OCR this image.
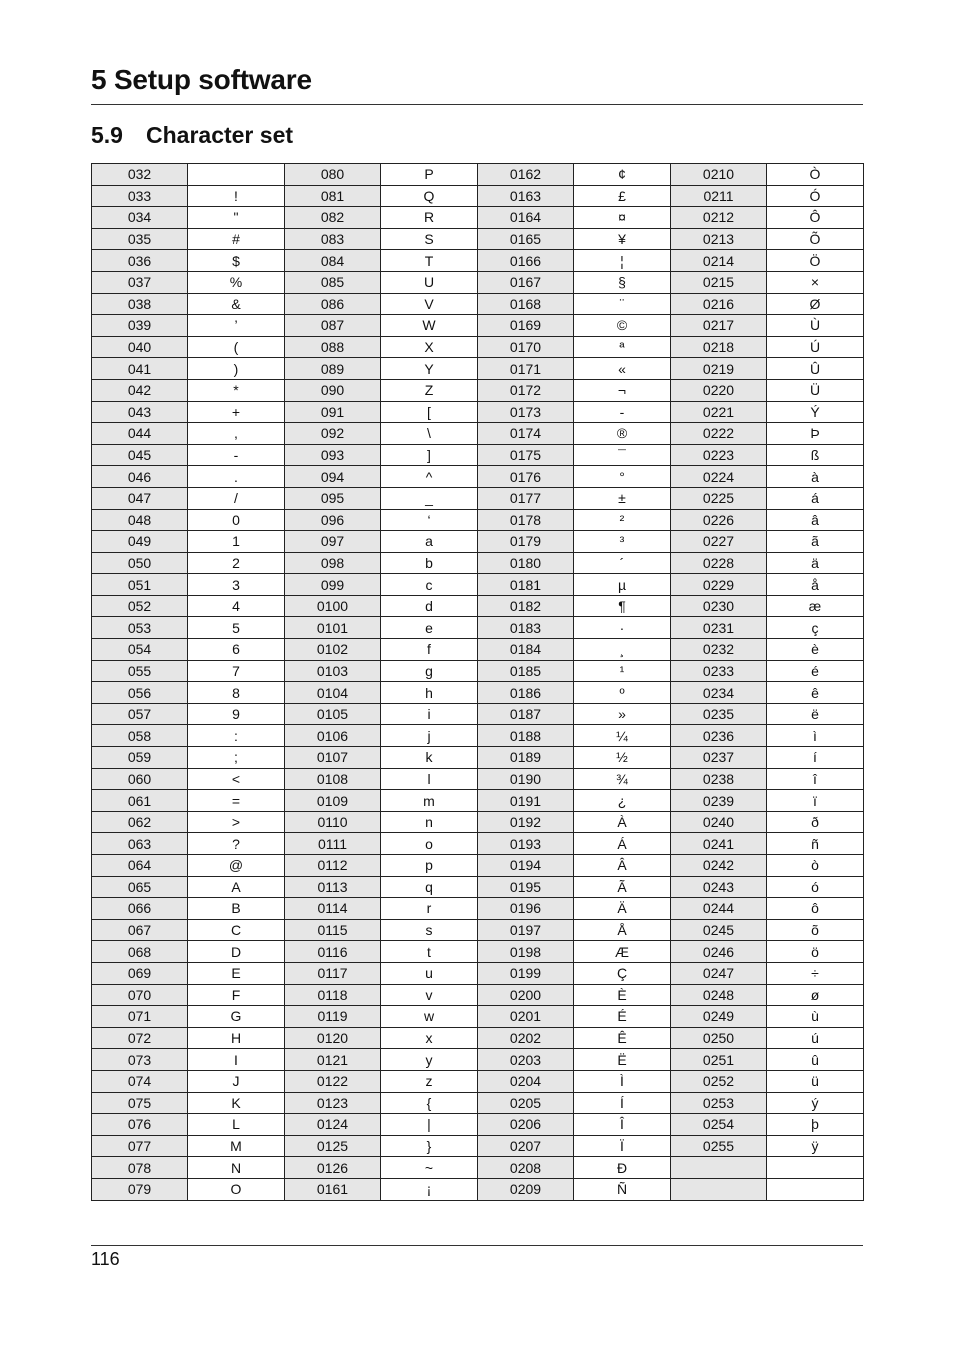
5 Setup software
5.9 Character set
032		080	P	0162	¢	0210	Ò
033	!	081	Q	0163	£	0211	Ó
034	"	082	R	0164	¤	0212	Ô
035	#	083	S	0165	¥	0213	Õ
036	$	084	T	0166	¦	0214	Ö
037	%	085	U	0167	§	0215	×
038	&	086	V	0168	¨	0216	Ø
039	’	087	W	0169	©	0217	Ù
040	(	088	X	0170	ª	0218	Ú
041	)	089	Y	0171	«	0219	Û
042	*	090	Z	0172	¬	0220	Ü
043	+	091	[	0173	-	0221	Ý
044	,	092	\	0174	®	0222	Þ
045	-	093	]	0175	¯	0223	ß
046	.	094	^	0176	°	0224	à
047	/	095	_	0177	±	0225	á
048	0	096	‘	0178	²	0226	â
049	1	097	a	0179	³	0227	ã
050	2	098	b	0180	´	0228	ä
051	3	099	c	0181	µ	0229	å
052	4	0100	d	0182	¶	0230	æ
053	5	0101	e	0183	·	0231	ç
054	6	0102	f	0184	¸	0232	è
055	7	0103	g	0185	¹	0233	é
056	8	0104	h	0186	º	0234	ê
057	9	0105	i	0187	»	0235	ë
058	:	0106	j	0188	¼	0236	ì
059	;	0107	k	0189	½	0237	í
060	<	0108	l	0190	¾	0238	î
061	=	0109	m	0191	¿	0239	ï
062	>	0110	n	0192	À	0240	ð
063	?	0111	o	0193	Á	0241	ñ
064	@	0112	p	0194	Â	0242	ò
065	A	0113	q	0195	Ã	0243	ó
066	B	0114	r	0196	Ä	0244	ô
067	C	0115	s	0197	Å	0245	õ
068	D	0116	t	0198	Æ	0246	ö
069	E	0117	u	0199	Ç	0247	÷
070	F	0118	v	0200	È	0248	ø
071	G	0119	w	0201	É	0249	ù
072	H	0120	x	0202	Ê	0250	ú
073	I	0121	y	0203	Ë	0251	û
074	J	0122	z	0204	Ì	0252	ü
075	K	0123	{	0205	Í	0253	ý
076	L	0124	|	0206	Î	0254	þ
077	M	0125	}	0207	Ï	0255	ÿ
078	N	0126	~	0208	Ð		
079	O	0161	¡	0209	Ñ		
116
